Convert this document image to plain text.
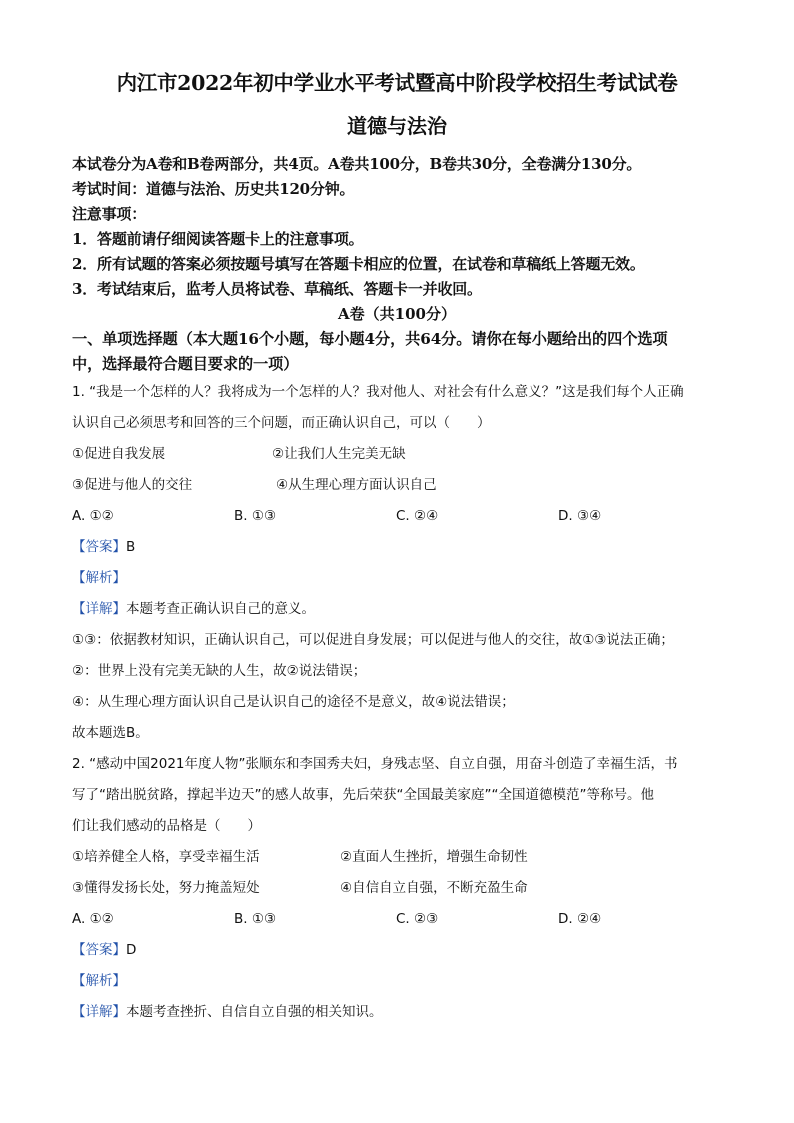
内江市2022年初中学业水平考试暨高中阶段学校招生考试试卷
道德与法治
本试卷分为A卷和B卷两部分，共4页。A卷共100分，B卷共30分，全卷满分130分。
考试时间：道德与法治、历史共120分钟。
注意事项：
1．答题前请仔细阅读答题卡上的注意事项。
2．所有试题的答案必须按题号填写在答题卡相应的位置，在试卷和草稿纸上答题无效。
3．考试结束后，监考人员将试卷、草稿纸、答题卡一并收回。
A卷（共100分）
一、单项选择题（本大题16个小题，每小题4分，共64分。请你在每小题给出的四个选项
中，选择最符合题目要求的一项）
1. “我是一个怎样的人？我将成为一个怎样的人？我对他人、对社会有什么意义？”这是我们每个人正确
认识自己必须思考和回答的三个问题，而正确认识自己，可以（　　）
①促进自我发展	②让我们人生完美无缺
③促进与他人的交往	④从生理心理方面认识自己
A. ①②	B. ①③	C. ②④	D. ③④
【答案】B
【解析】
【详解】本题考查正确认识自己的意义。
①③：依据教材知识，正确认识自己，可以促进自身发展；可以促进与他人的交往，故①③说法正确；
②：世界上没有完美无缺的人生，故②说法错误；
④：从生理心理方面认识自己是认识自己的途径不是意义，故④说法错误；
故本题选B。
2. “感动中国2021年度人物”张顺东和李国秀夫妇，身残志坚、自立自强，用奋斗创造了幸福生活，书
写了“踏出脱贫路，撑起半边天”的感人故事，先后荣获“全国最美家庭”“全国道德模范”等称号。他
们让我们感动的品格是（　　）
①培养健全人格，享受幸福生活	②直面人生挫折，增强生命韧性
③懂得发扬长处，努力掩盖短处	④自信自立自强，不断充盈生命
A. ①②	B. ①③	C. ②③	D. ②④
【答案】D
【解析】
【详解】本题考查挫折、自信自立自强的相关知识。
